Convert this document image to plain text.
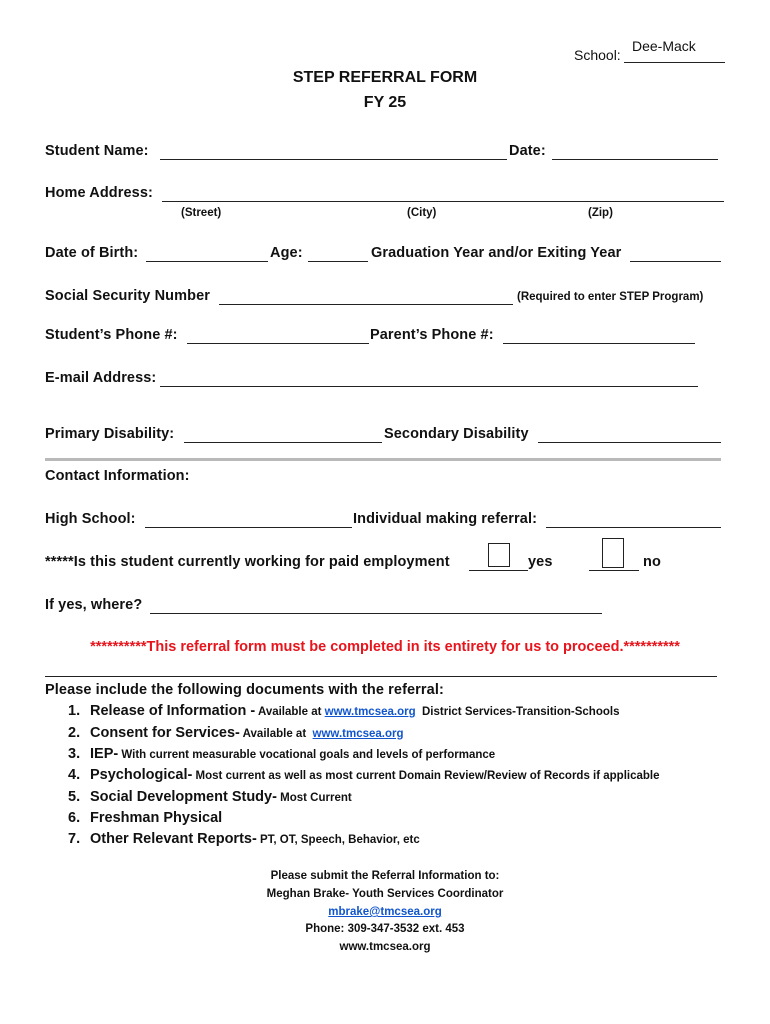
School:
Dee-Mack
STEP REFERRAL FORM
FY 25
Student Name:	Date:
Home Address:
(Street)	(City)	(Zip)
Date of Birth:	Age:	Graduation Year and/or Exiting Year
Social Security Number	(Required to enter STEP Program)
Student’s Phone #:	Parent’s Phone #:
E-mail Address:
Primary Disability:	Secondary Disability
Contact Information:
High School:	Individual making referral:
*****Is this student currently working for paid employment	yes	no
If yes, where?
**********This referral form must be completed in its entirety for us to proceed.**********
Please include the following documents with the referral:
1. Release of Information - Available at www.tmcsea.org  District Services-Transition-Schools
2. Consent for Services- Available at  www.tmcsea.org
3. IEP- With current measurable vocational goals and levels of performance
4. Psychological- Most current as well as most current Domain Review/Review of Records if applicable
5. Social Development Study- Most Current
6. Freshman Physical
7. Other Relevant Reports- PT, OT, Speech, Behavior, etc
Please submit the Referral Information to:
Meghan Brake- Youth Services Coordinator
mbrake@tmcsea.org
Phone: 309-347-3532 ext. 453
www.tmcsea.org
